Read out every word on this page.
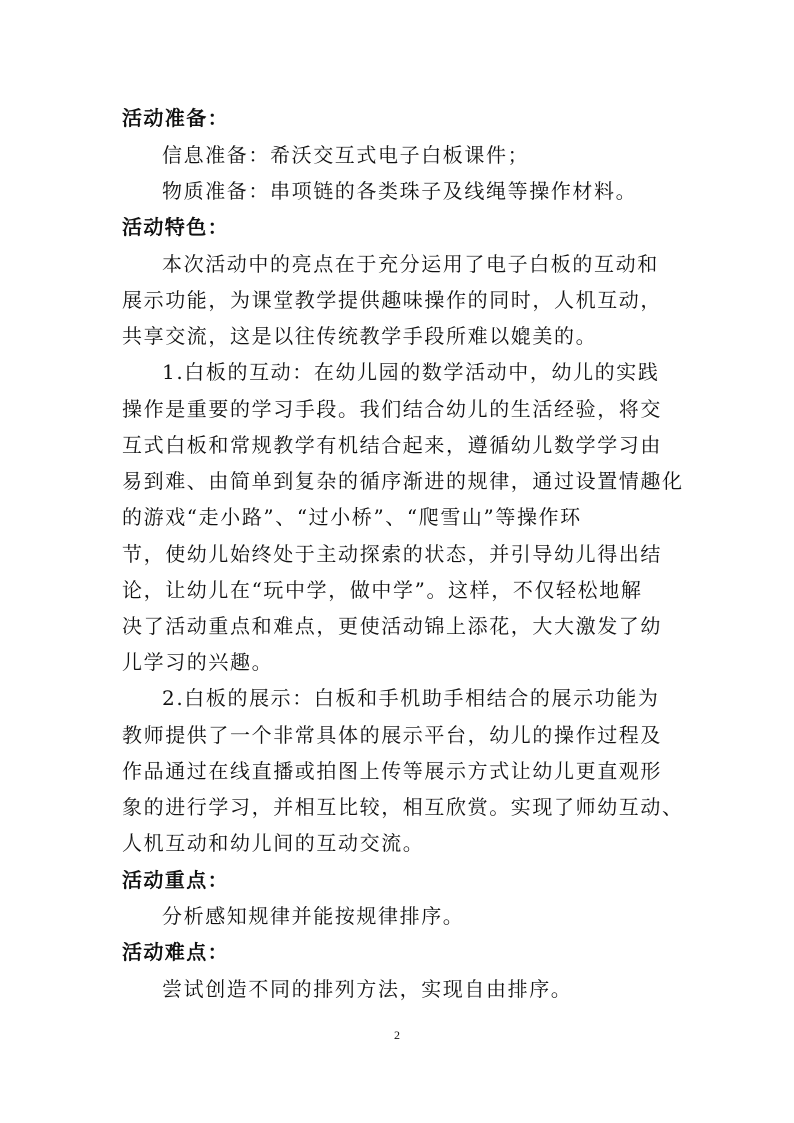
活动准备：
信息准备：希沃交互式电子白板课件；
物质准备：串项链的各类珠子及线绳等操作材料。
活动特色：
本次活动中的亮点在于充分运用了电子白板的互动和
展示功能，为课堂教学提供趣味操作的同时，人机互动，
共享交流，这是以往传统教学手段所难以媲美的。
1.白板的互动：在幼儿园的数学活动中，幼儿的实践
操作是重要的学习手段。我们结合幼儿的生活经验，将交
互式白板和常规教学有机结合起来，遵循幼儿数学学习由
易到难、由简单到复杂的循序渐进的规律，通过设置情趣化
的游戏“走小路”、“过小桥”、“爬雪山”等操作环
节，使幼儿始终处于主动探索的状态，并引导幼儿得出结
论，让幼儿在“玩中学，做中学”。这样，不仅轻松地解
决了活动重点和难点，更使活动锦上添花，大大激发了幼
儿学习的兴趣。
2.白板的展示：白板和手机助手相结合的展示功能为
教师提供了一个非常具体的展示平台，幼儿的操作过程及
作品通过在线直播或拍图上传等展示方式让幼儿更直观形
象的进行学习，并相互比较，相互欣赏。实现了师幼互动、
人机互动和幼儿间的互动交流。
活动重点：
分析感知规律并能按规律排序。
活动难点：
尝试创造不同的排列方法，实现自由排序。
2
